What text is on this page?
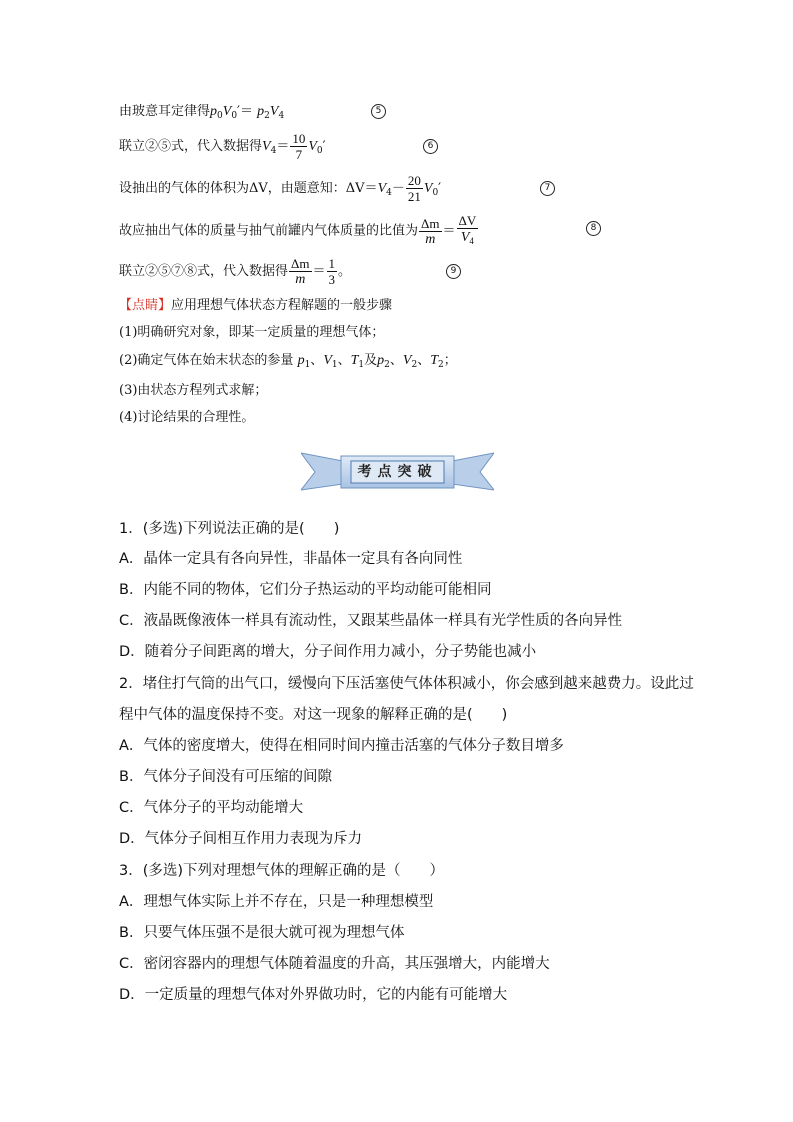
由玻意耳定律得$p_0V_0'= p_2V_4$	5
联立②⑤式，代入数据得$V_4= \frac{10}{7} V_0'$	6
设抽出的气体的体积为ΔV，由题意知：$\Delta V=V_4- \frac{20}{21} V_0'$	7
故应抽出气体的质量与抽气前罐内气体质量的比值为 $\frac{\Delta m}{m} = \frac{\Delta V}{V_4}$	8
联立②⑤⑦⑧式，代入数据得 $\frac{\Delta m}{m} = \frac{1}{3}$ 。	9
【点睛】应用理想气体状态方程解题的一般步骤
(1)明确研究对象，即某一定质量的理想气体；
(2)确定气体在始末状态的参量 $p_1$、$V_1$、$T_1$及$p_2$、$V_2$、$T_2$；
(3)由状态方程列式求解；
(4)讨论结果的合理性。
考点突破
1．(多选)下列说法正确的是(　　)
A．晶体一定具有各向异性，非晶体一定具有各向同性
B．内能不同的物体，它们分子热运动的平均动能可能相同
C．液晶既像液体一样具有流动性，又跟某些晶体一样具有光学性质的各向异性
D．随着分子间距离的增大，分子间作用力减小，分子势能也减小
2．堵住打气筒的出气口，缓慢向下压活塞使气体体积减小，你会感到越来越费力。设此过
程中气体的温度保持不变。对这一现象的解释正确的是(　　)
A．气体的密度增大，使得在相同时间内撞击活塞的气体分子数目增多
B．气体分子间没有可压缩的间隙
C．气体分子的平均动能增大
D．气体分子间相互作用力表现为斥力
3．(多选)下列对理想气体的理解正确的是（　　）
A．理想气体实际上并不存在，只是一种理想模型
B．只要气体压强不是很大就可视为理想气体
C．密闭容器内的理想气体随着温度的升高，其压强增大，内能增大
D．一定质量的理想气体对外界做功时，它的内能有可能增大
